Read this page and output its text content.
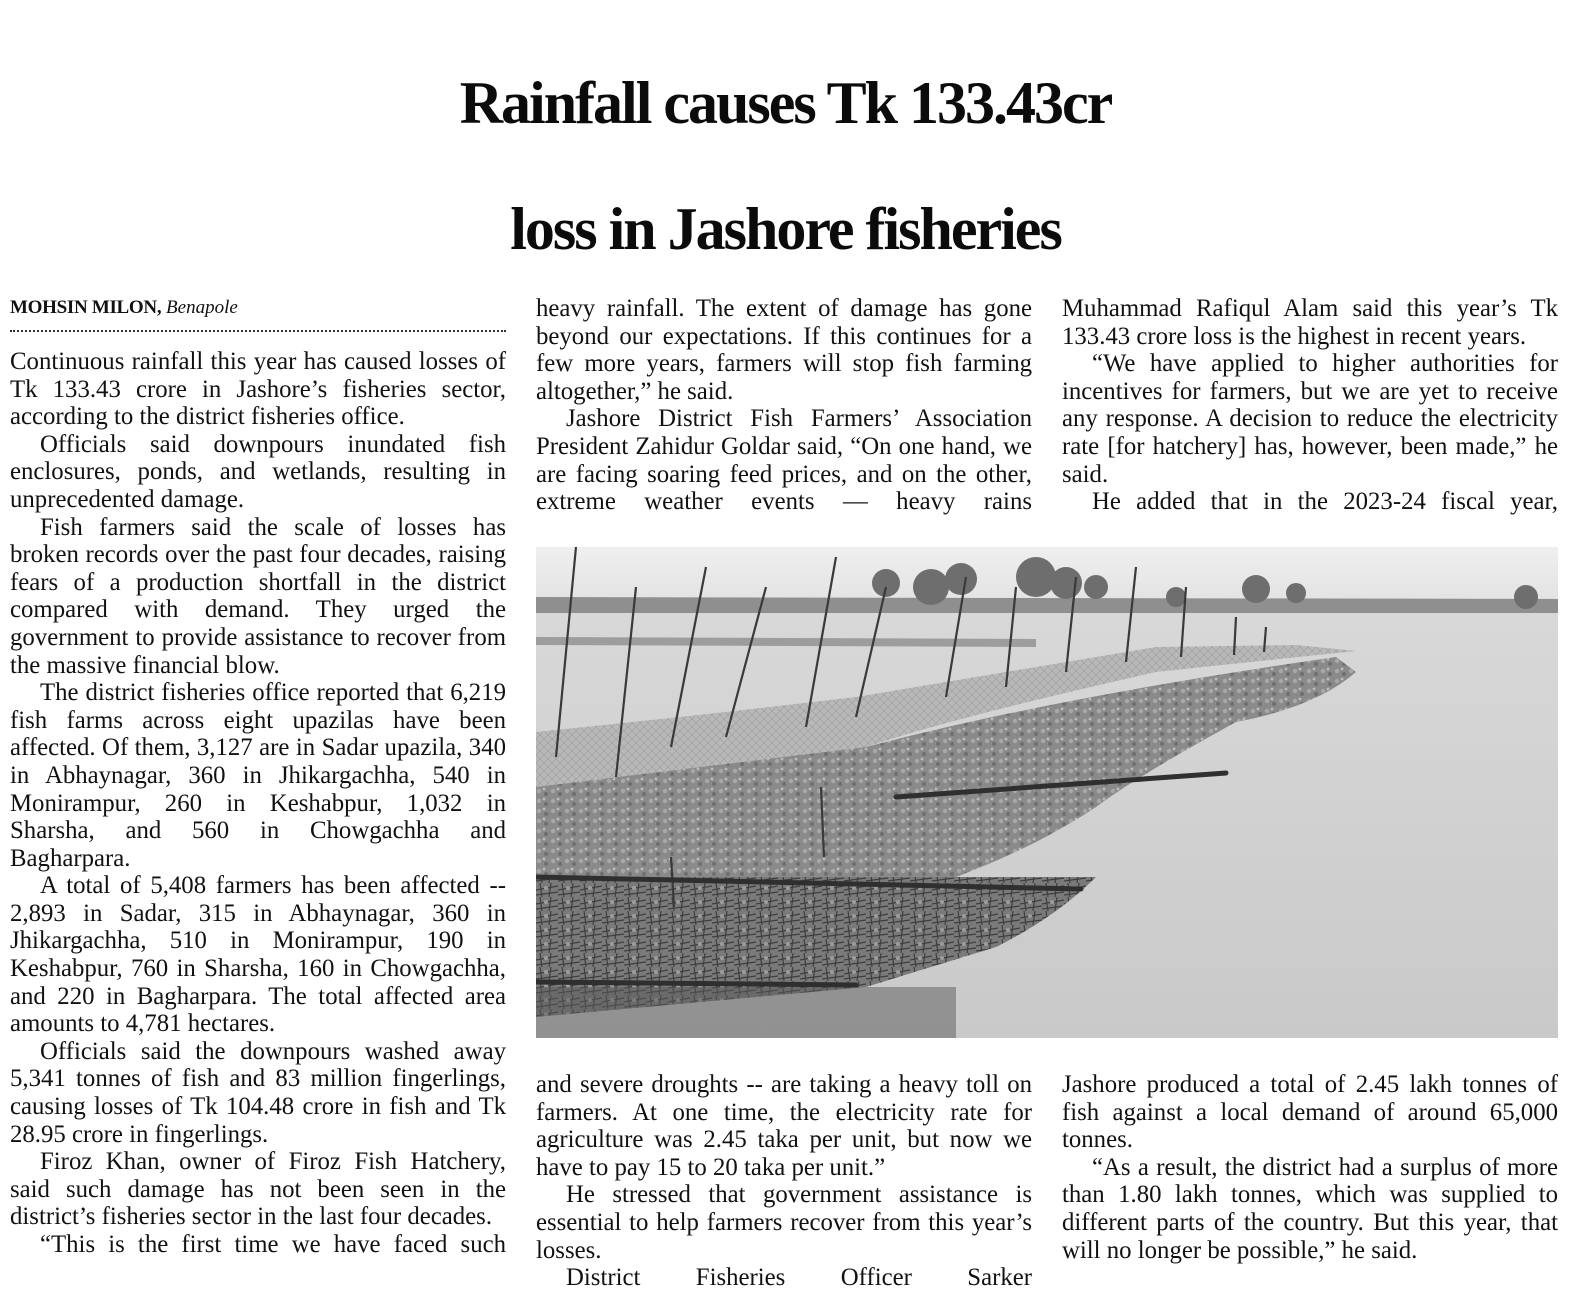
Rainfall causes Tk 133.43cr
loss in Jashore fisheries
MOHSIN MILON, Benapole

Continuous rainfall this year has caused losses of Tk 133.43 crore in Jashore’s fisheries sector, according to the district fisheries office.

Officials said downpours inundated fish enclosures, ponds, and wetlands, resulting in unprecedented damage.

Fish farmers said the scale of losses has broken records over the past four decades, raising fears of a production shortfall in the district compared with demand. They urged the government to provide assistance to recover from the massive financial blow.

The district fisheries office reported that 6,219 fish farms across eight upazilas have been affected. Of them, 3,127 are in Sadar upazila, 340 in Abhaynagar, 360 in Jhikargachha, 540 in Monirampur, 260 in Keshabpur, 1,032 in Sharsha, and 560 in Chowgachha and Bagharpara.

A total of 5,408 farmers has been affected -- 2,893 in Sadar, 315 in Abhaynagar, 360 in Jhikargachha, 510 in Monirampur, 190 in Keshabpur, 760 in Sharsha, 160 in Chowgachha, and 220 in Bagharpara. The total affected area amounts to 4,781 hectares.

Officials said the downpours washed away 5,341 tonnes of fish and 83 million fingerlings, causing losses of Tk 104.48 crore in fish and Tk 28.95 crore in fingerlings.

Firoz Khan, owner of Firoz Fish Hatchery, said such damage has not been seen in the district’s fisheries sector in the last four decades.

“This is the first time we have faced such

heavy rainfall. The extent of damage has gone beyond our expectations. If this continues for a few more years, farmers will stop fish farming altogether,” he said.

Jashore District Fish Farmers’ Association President Zahidur Goldar said, “On one hand, we are facing soaring feed prices, and on the other, extreme weather events — heavy rains

Muhammad Rafiqul Alam said this year’s Tk 133.43 crore loss is the highest in recent years.

“We have applied to higher authorities for incentives for farmers, but we are yet to receive any response. A decision to reduce the electricity rate [for hatchery] has, however, been made,” he said.

He added that in the 2023-24 fiscal year,

and severe droughts -- are taking a heavy toll on farmers. At one time, the electricity rate for agriculture was 2.45 taka per unit, but now we have to pay 15 to 20 taka per unit.”

He stressed that government assistance is essential to help farmers recover from this year’s losses.

District Fisheries Officer Sarker

Jashore produced a total of 2.45 lakh tonnes of fish against a local demand of around 65,000 tonnes.

“As a result, the district had a surplus of more than 1.80 lakh tonnes, which was supplied to different parts of the country. But this year, that will no longer be possible,” he said.
